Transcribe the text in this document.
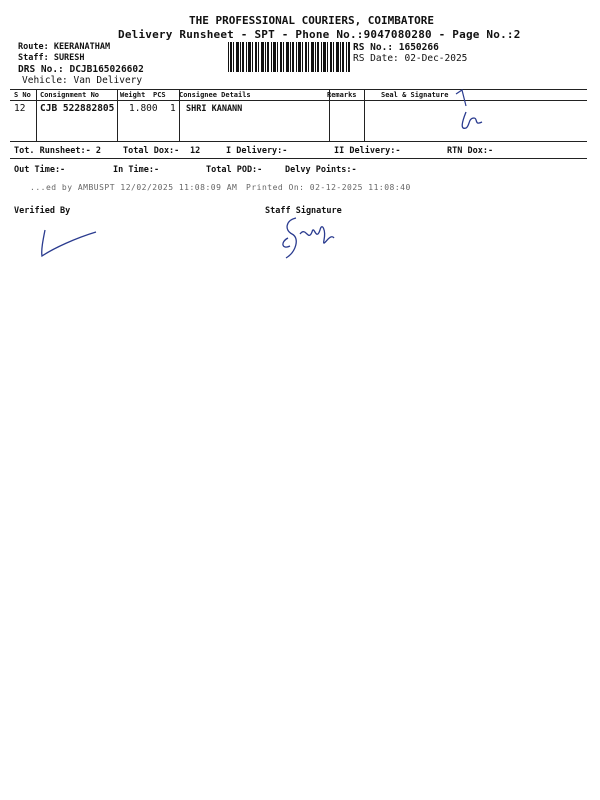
THE PROFESSIONAL COURIERS, COIMBATORE
Delivery Runsheet - SPT - Phone No.:9047080280 - Page No.:2
Route: KEERANATHAM
Staff: SURESH
DRS No.: DCJB165026602
Vehicle: Van Delivery
RS No.: 1650266
RS Date: 02-Dec-2025
S No Consignment No	Weight PCS Consignee Details	Remarks	Seal & Signature
12 CJB 522882805 1.800 1 SHRI KANANN
Tot. Runsheet:- 2	Total Dox:- 12	I Delivery:-	II Delivery:-	RTN Dox:-
Out Time:-	In Time:-	Total POD:-	Delvy Points:-
...ed by AMBUSPT 12/02/2025 11:08:09 AM Printed On: 02-12-2025 11:08:40
Verified By	Staff Signature
